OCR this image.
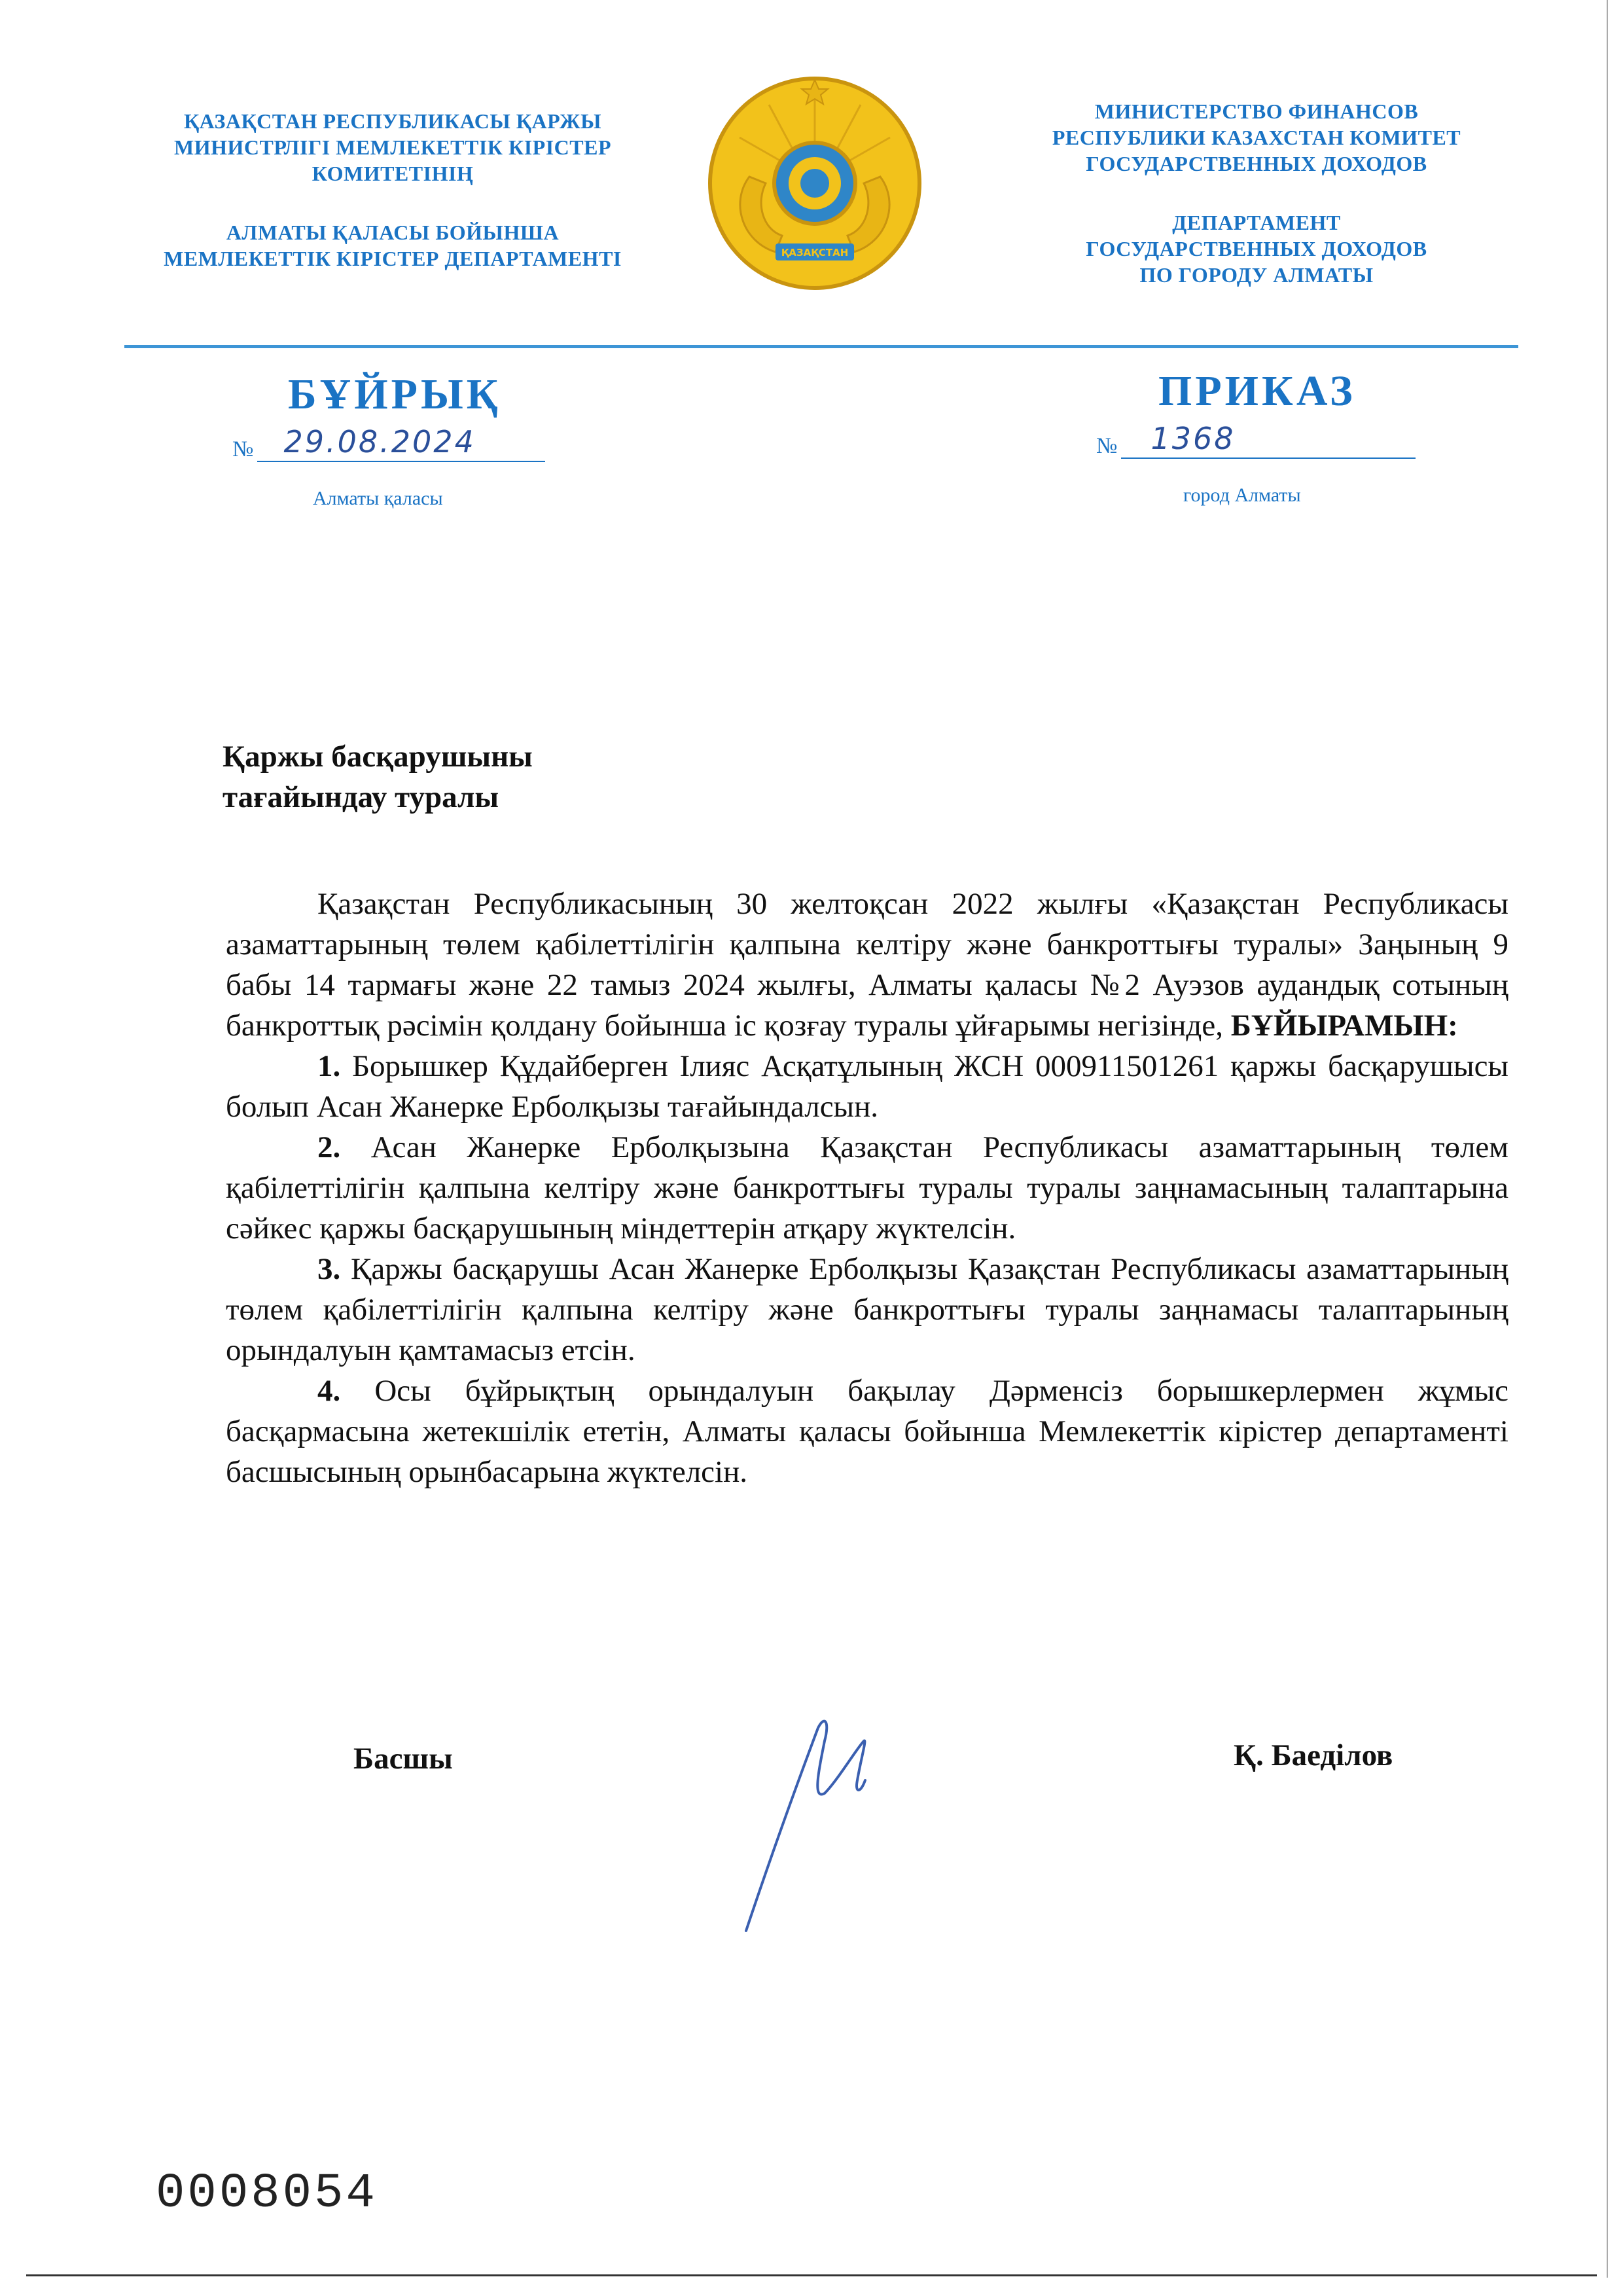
ҚАЗАҚСТАН РЕСПУБЛИКАСЫ ҚАРЖЫ

МИНИСТРЛІГІ МЕМЛЕКЕТТІК КІРІСТЕР

КОМИТЕТІНІҢ

АЛМАТЫ ҚАЛАСЫ БОЙЫНША

МЕМЛЕКЕТТІК КІРІСТЕР ДЕПАРТАМЕНТІ	ҚАЗАҚСТАН

МИНИСТЕРСТВО ФИНАНСОВ

РЕСПУБЛИКИ КАЗАХСТАН КОМИТЕТ

ГОСУДАРСТВЕННЫХ ДОХОДОВ

ДЕПАРТАМЕНТ

ГОСУДАРСТВЕННЫХ ДОХОДОВ

ПО ГОРОДУ АЛМАТЫ

БҰЙРЫҚ	ПРИКАЗ
№ 29.08.2024
Алматы қаласы
№ 1368
город Алматы
Қаржы басқарушыны
тағайындау туралы

Қазақстан Республикасының 30 желтоқсан 2022 жылғы «Қазақстан Республикасы азаматтарының төлем қабілеттілігін қалпына келтіру және банкроттығы туралы» Заңының 9 бабы 14 тармағы және 22 тамыз 2024 жылғы, Алматы қаласы №2 Ауэзов аудандық сотының банкроттық рәсімін қолдану бойынша іс қозғау туралы ұйғарымы негізінде, БҰЙЫРАМЫН:

1. Борышкер Құдайберген Ілияс Асқатұлының ЖСН 000911501261 қаржы басқарушысы болып Асан Жанерке Ерболқызы тағайындалсын.

2. Асан Жанерке Ерболқызына Қазақстан Республикасы азаматтарының төлем қабілеттілігін қалпына келтіру және банкроттығы туралы туралы заңнамасының талаптарына сәйкес қаржы басқарушының міндеттерін атқару жүктелсін.

3. Қаржы басқарушы Асан Жанерке Ерболқызы Қазақстан Республикасы азаматтарының төлем қабілеттілігін қалпына келтіру және банкроттығы туралы заңнамасы талаптарының орындалуын қамтамасыз етсін.

4. Осы бұйрықтың орындалуын бақылау Дәрменсіз борышкерлермен жұмыс басқармасына жетекшілік ететін, Алматы қаласы бойынша Мемлекеттік кірістер департаменті басшысының орынбасарына жүктелсін.

Басшы	Қ. Баеділов
0008054
